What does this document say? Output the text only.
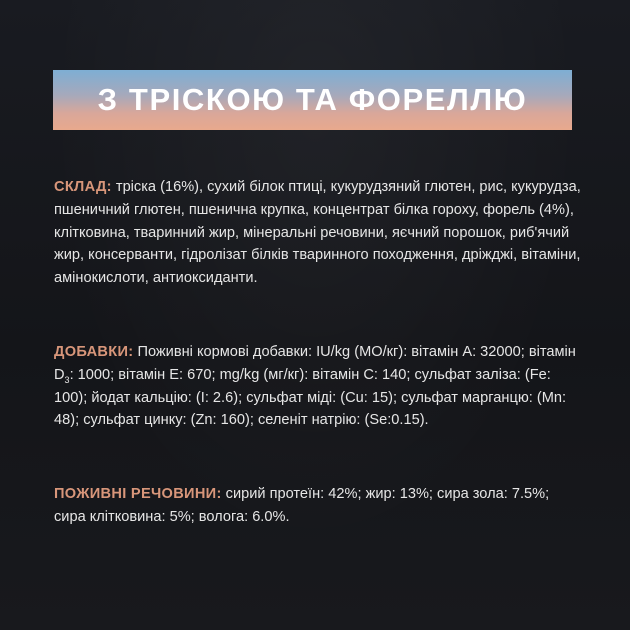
З ТРІСКОЮ ТА ФОРЕЛЛЮ
СКЛАД: тріска (16%), сухий білок птиці, кукурудзяний глютен, рис, кукурудза, пшеничний глютен, пшенична крупка, концентрат білка гороху, форель (4%), клітковина, тваринний жир, мінеральні речовини, яєчний порошок, риб'ячий жир, консерванти, гідролізат білків тваринного походження, дріжджі, вітаміни, амінокислоти, антиоксиданти.
ДОБАВКИ: Поживні кормові добавки: IU/kg (МО/кг): вітамін А: 32000; вітамін $D_3$: 1000; вітамін Е: 670; mg/kg (мг/кг): вітамін С: 140; сульфат заліза: (Fe: 100); йодат кальцію: (I: 2.6); сульфат міді: (Cu: 15); сульфат марганцю: (Mn: 48); сульфат цинку: (Zn: 160); селеніт натрію: (Se:0.15).
ПОЖИВНІ РЕЧОВИНИ: сирий протеїн: 42%; жир: 13%; сира зола: 7.5%; сира клітковина: 5%; волога: 6.0%.
